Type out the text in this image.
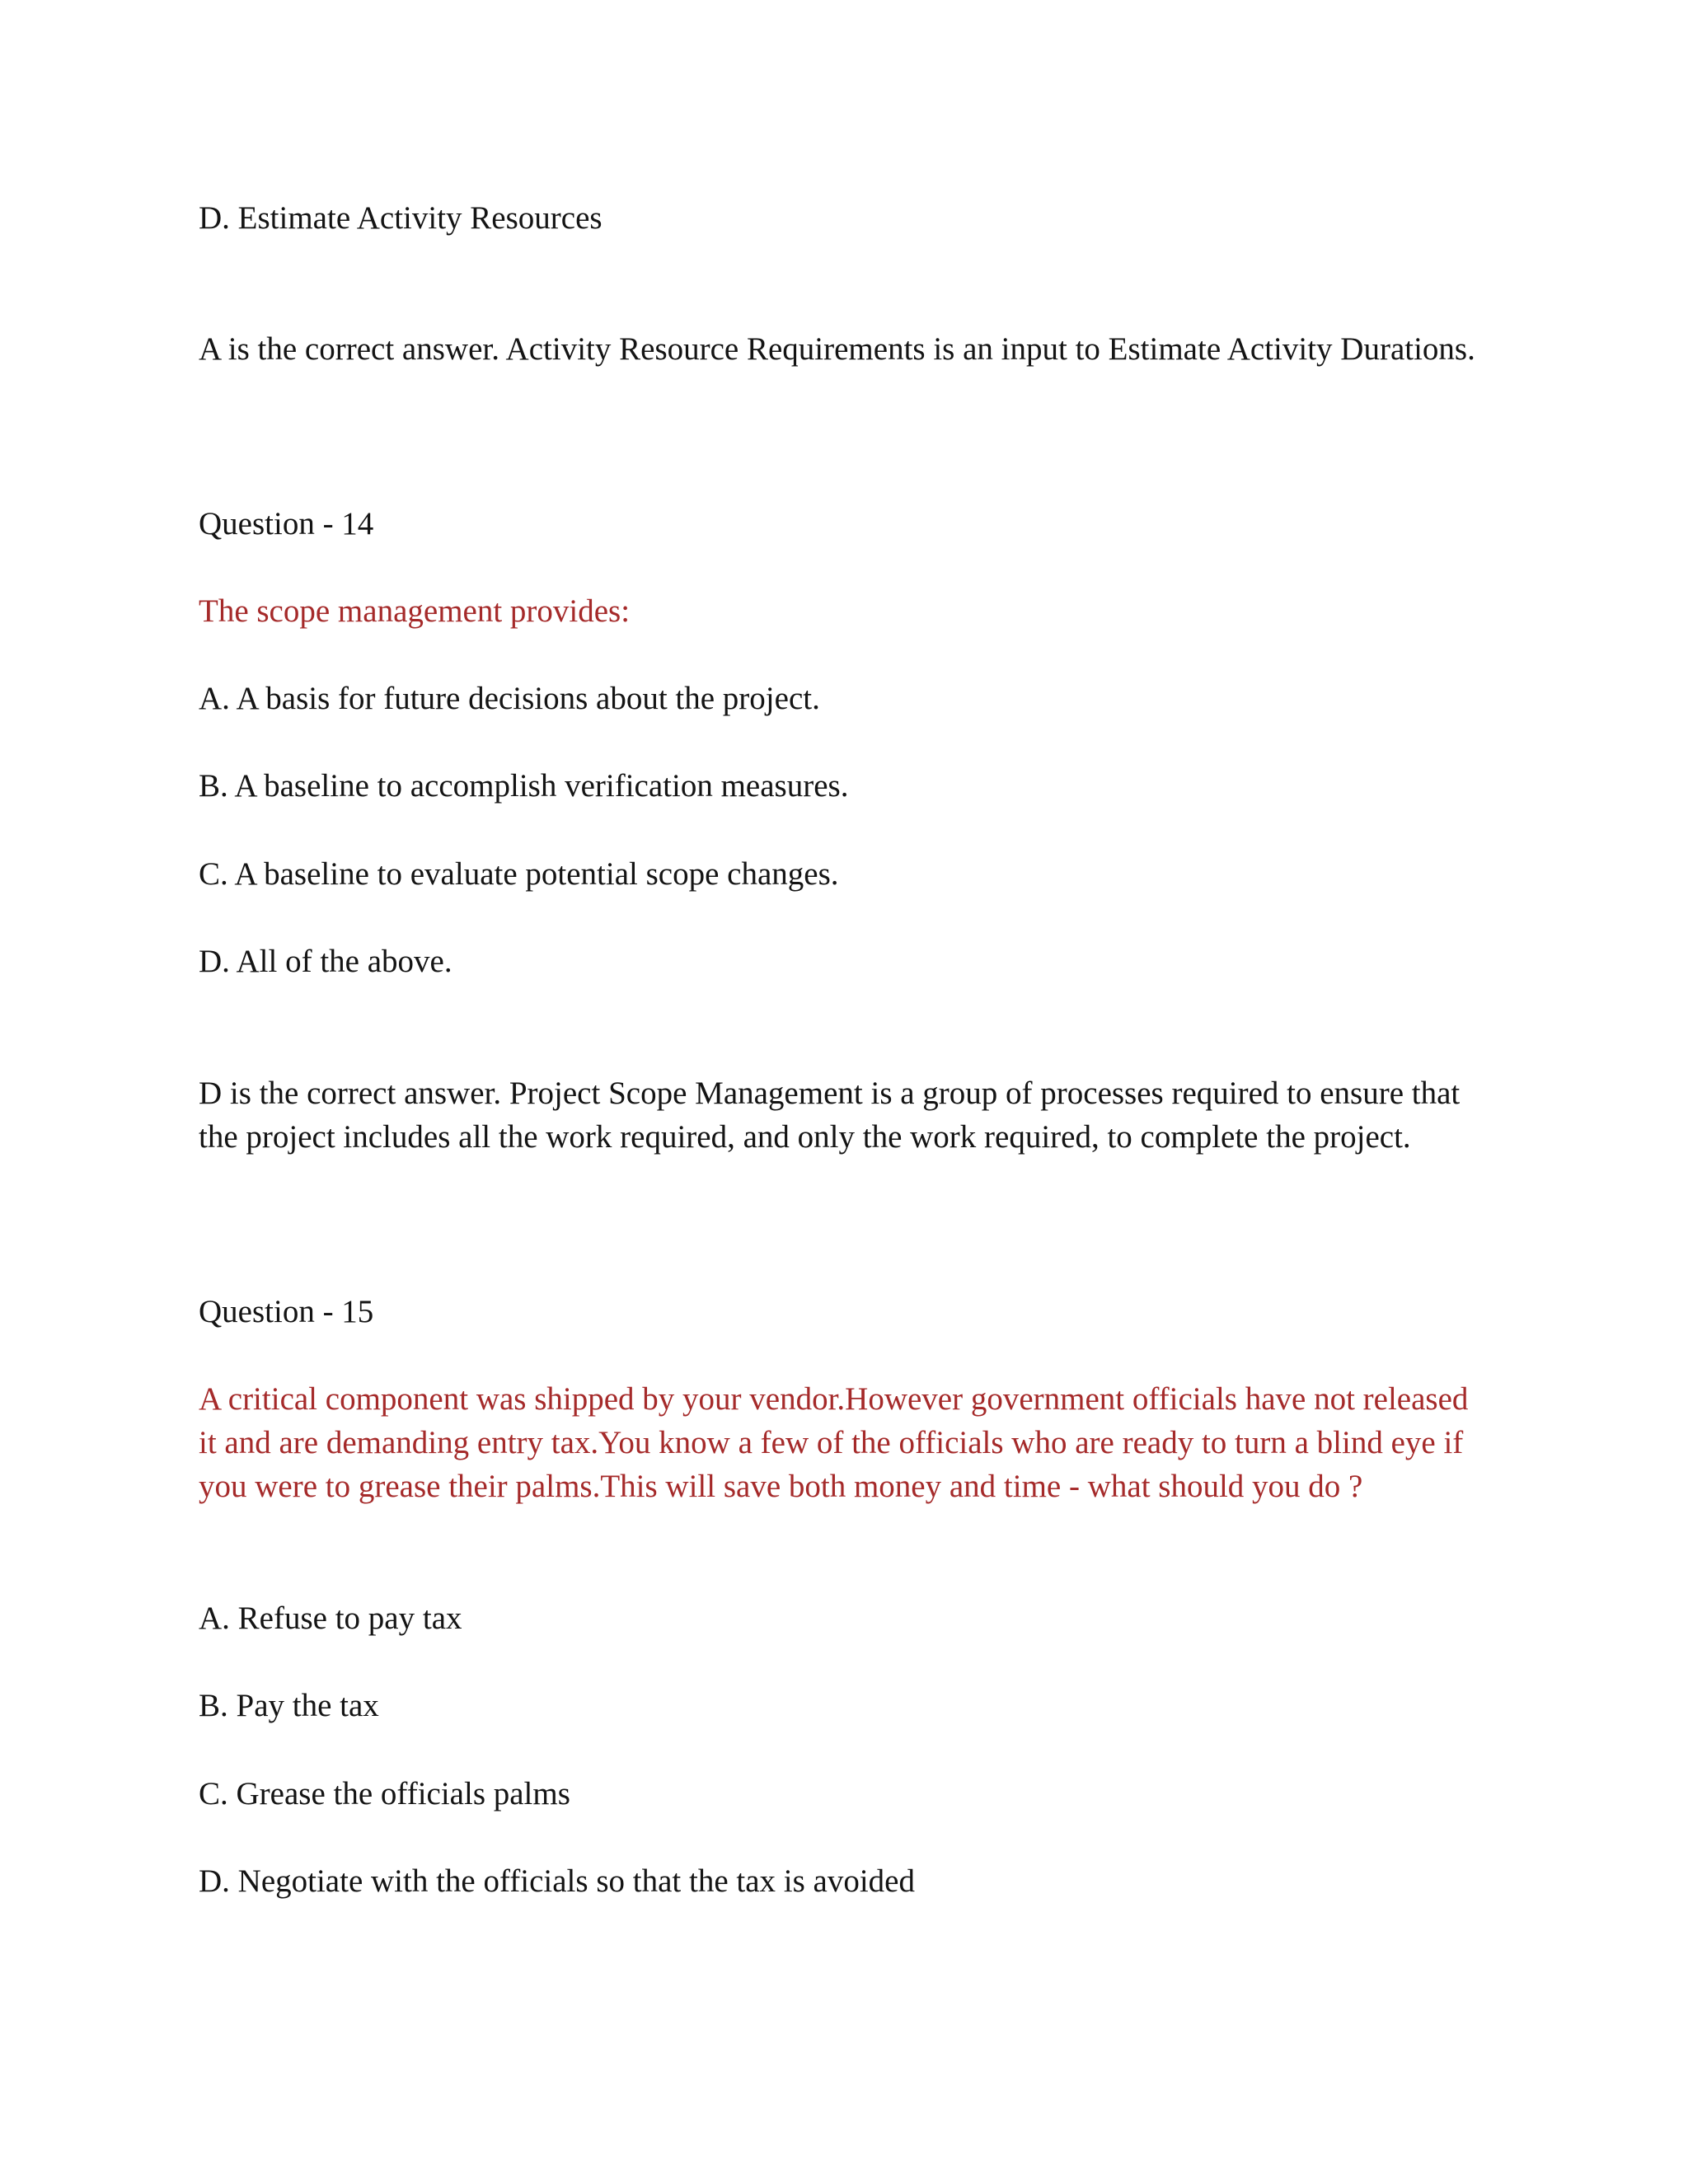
D. Estimate Activity Resources

A is the correct answer. Activity Resource Requirements is an input to Estimate Activity Durations.

Question - 14

The scope management provides:

A. A basis for future decisions about the project.

B. A baseline to accomplish verification measures.

C. A baseline to evaluate potential scope changes.

D. All of the above.

D is the correct answer. Project Scope Management is a group of processes required to ensure that the project includes all the work required, and only the work required, to complete the project.

Question - 15

A critical component was shipped by your vendor.However government officials have not released it and are demanding entry tax.You know a few of the officials who are ready to turn a blind eye if you were to grease their palms.This will save both money and time - what should you do ?

A. Refuse to pay tax

B. Pay the tax

C. Grease the officials palms

D. Negotiate with the officials so that the tax is avoided
